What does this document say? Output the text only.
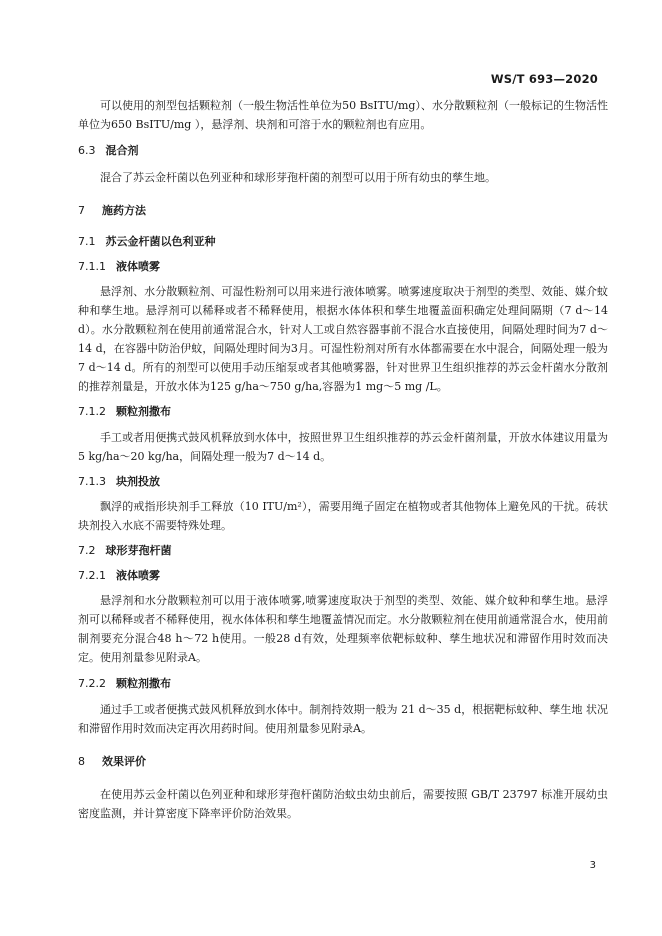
WS/T 693—2020

可以使用的剂型包括颗粒剂（一般生物活性单位为50 BsITU/mg）、水分散颗粒剂（一般标记的生物活性单位为650 BsITU/mg ），悬浮剂、块剂和可溶于水的颗粒剂也有应用。

6.3 混合剂

混合了苏云金杆菌以色列亚种和球形芽孢杆菌的剂型可以用于所有幼虫的孳生地。

7 施药方法
7.1 苏云金杆菌以色利亚种
7.1.1 液体喷雾

悬浮剂、水分散颗粒剂、可湿性粉剂可以用来进行液体喷雾。喷雾速度取决于剂型的类型、效能、媒介蚊种和孳生地。悬浮剂可以稀释或者不稀释使用，根据水体体积和孳生地覆盖面积确定处理间隔期（7 d～14 d）。水分散颗粒剂在使用前通常混合水，针对人工或自然容器事前不混合水直接使用，间隔处理时间为7 d～14 d，在容器中防治伊蚊，间隔处理时间为3月。可湿性粉剂对所有水体都需要在水中混合，间隔处理一般为7 d～14 d。所有的剂型可以使用手动压缩泵或者其他喷雾器，针对世界卫生组织推荐的苏云金杆菌水分散剂的推荐剂量是，开放水体为125 g/ha～750 g/ha,容器为1 mg～5 mg /L。

7.1.2 颗粒剂撒布

手工或者用便携式鼓风机释放到水体中，按照世界卫生组织推荐的苏云金杆菌剂量，开放水体建议用量为5 kg/ha～20 kg/ha，间隔处理一般为7 d～14 d。

7.1.3 块剂投放

飘浮的戒指形块剂手工释放（10 ITU/m²），需要用绳子固定在植物或者其他物体上避免风的干扰。砖状块剂投入水底不需要特殊处理。

7.2 球形芽孢杆菌
7.2.1 液体喷雾

悬浮剂和水分散颗粒剂可以用于液体喷雾,喷雾速度取决于剂型的类型、效能、媒介蚊种和孳生地。悬浮剂可以稀释或者不稀释使用，视水体体积和孳生地覆盖情况而定。水分散颗粒剂在使用前通常混合水，使用前制剂要充分混合48 h～72 h使用。一般28 d有效，处理频率依靶标蚊种、孳生地状况和滞留作用时效而决定。使用剂量参见附录A。

7.2.2 颗粒剂撒布

通过手工或者便携式鼓风机释放到水体中。制剂持效期一般为 21 d～35 d，根据靶标蚊种、孳生地 状况和滞留作用时效而决定再次用药时间。使用剂量参见附录A。

8 效果评价

在使用苏云金杆菌以色列亚种和球形芽孢杆菌防治蚊虫幼虫前后，需要按照 GB/T 23797 标准开展幼虫密度监测，并计算密度下降率评价防治效果。

3
